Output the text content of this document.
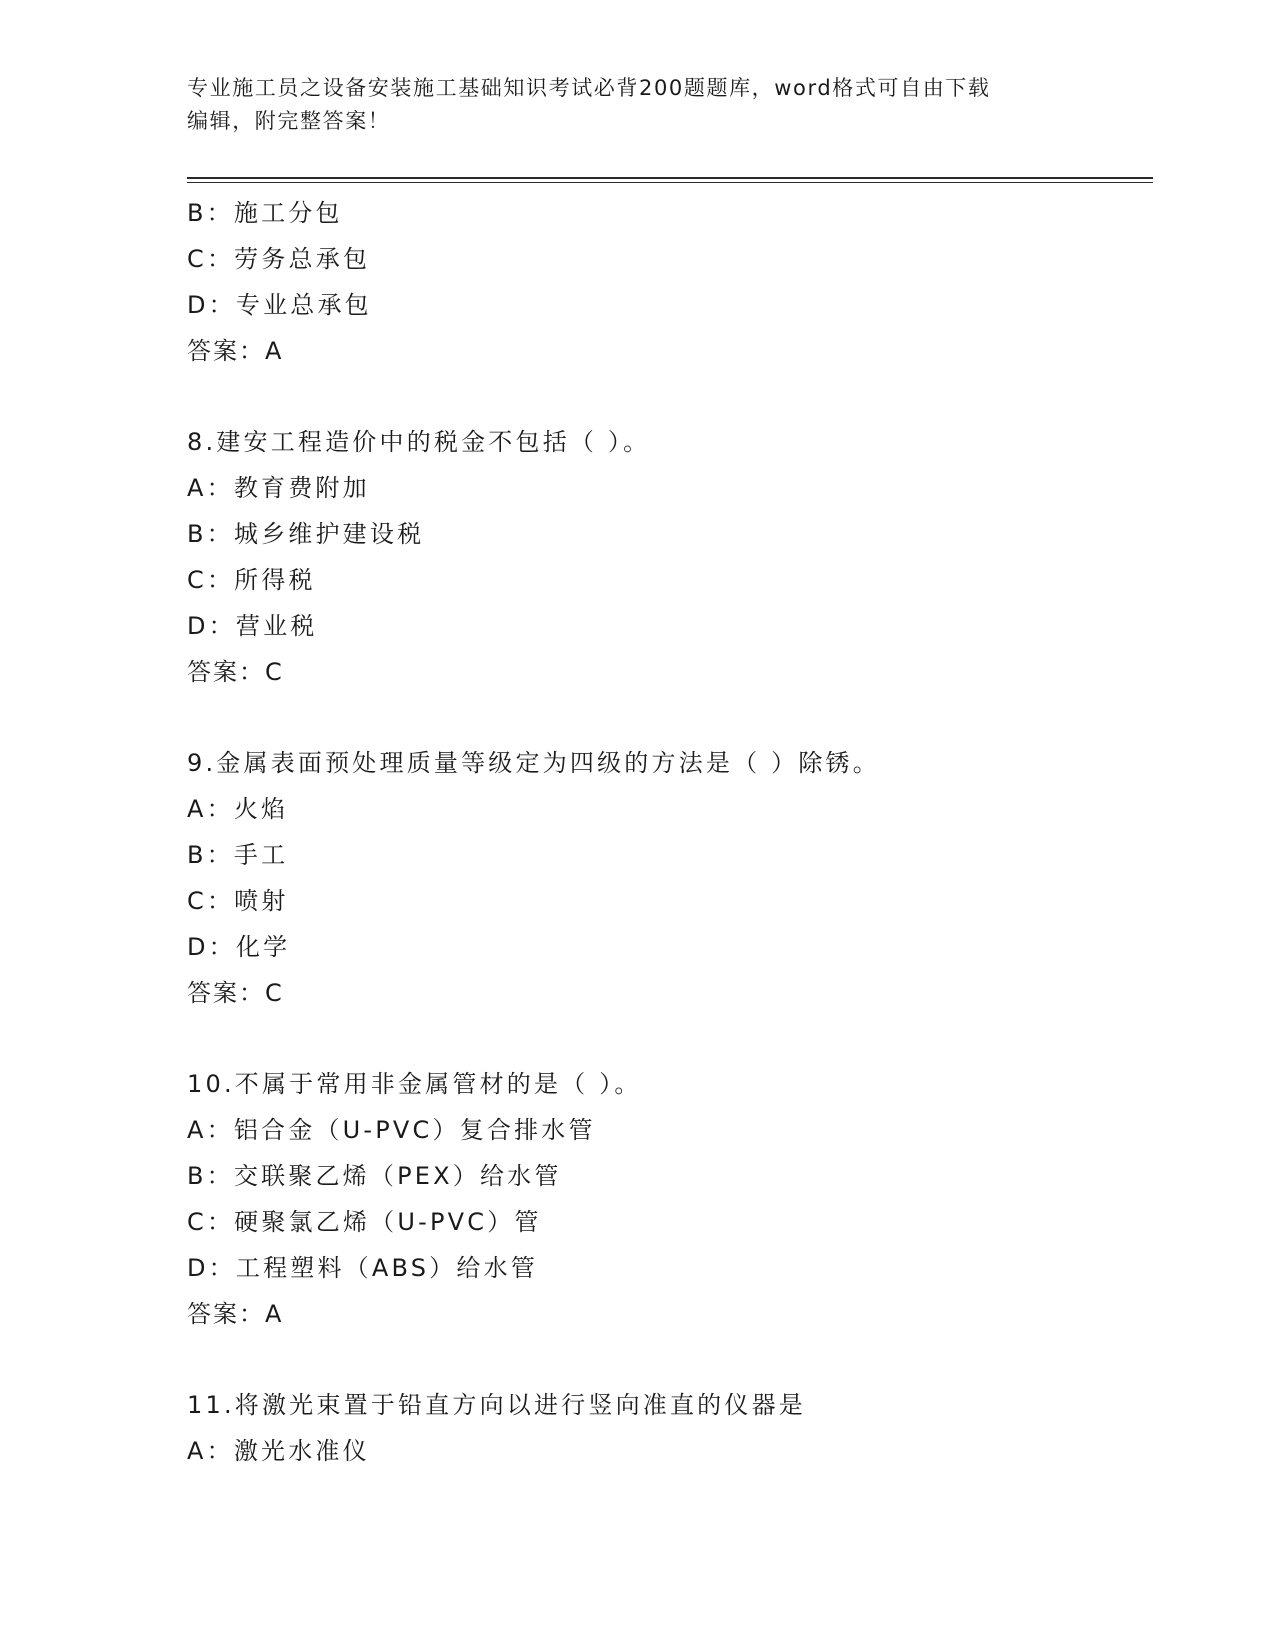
专业施工员之设备安装施工基础知识考试必背200题题库，word格式可自由下载
编辑，附完整答案！
B：施工分包
C：劳务总承包
D：专业总承包
答案：A
8.建安工程造价中的税金不包括（ ）。
A：教育费附加
B：城乡维护建设税
C：所得税
D：营业税
答案：C
9.金属表面预处理质量等级定为四级的方法是（ ）除锈。
A：火焰
B：手工
C：喷射
D：化学
答案：C
10.不属于常用非金属管材的是（ ）。
A：铝合金（U-PVC）复合排水管
B：交联聚乙烯（PEX）给水管
C：硬聚氯乙烯（U-PVC）管
D：工程塑料（ABS）给水管
答案：A
11.将激光束置于铅直方向以进行竖向准直的仪器是
A：激光水准仪
